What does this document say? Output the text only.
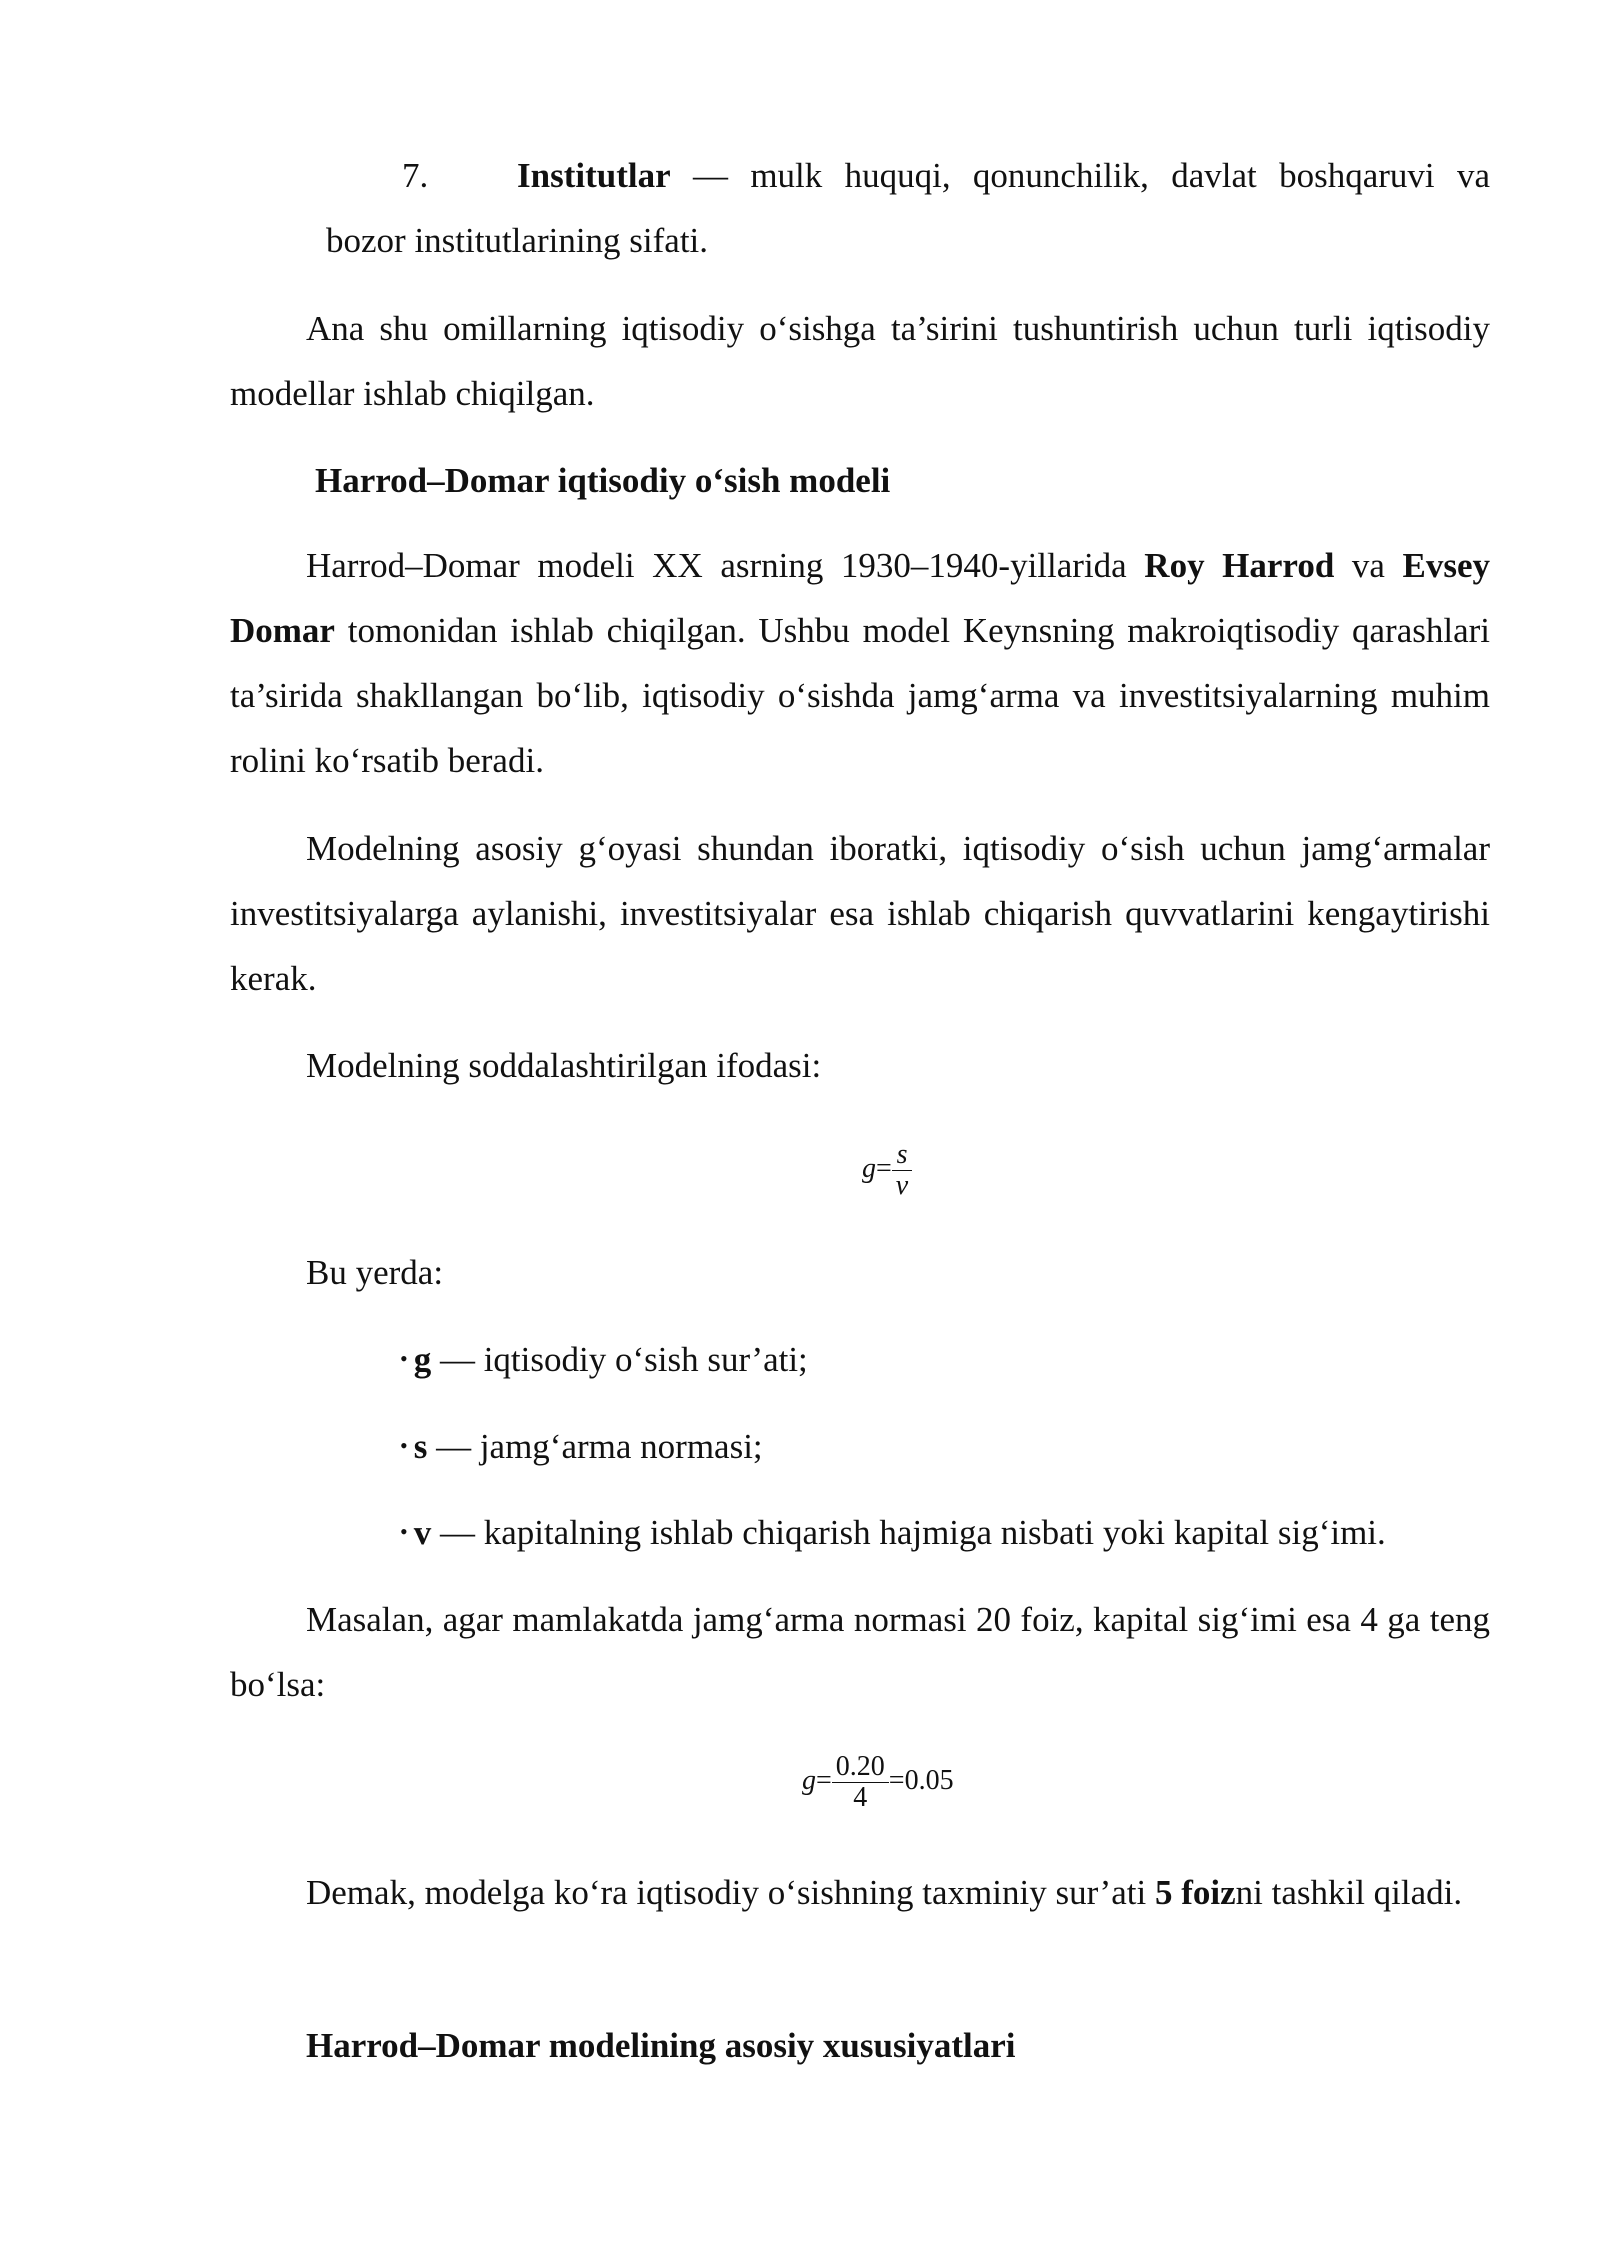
7.	Institutlar — mulk huquqi, qonunchilik, davlat boshqaruvi va
bozor institutlarining sifati.

Ana shu omillarning iqtisodiy o‘sishga ta’sirini tushuntirish uchun turli iqtisodiy modellar ishlab chiqilgan.

Harrod–Domar iqtisodiy o‘sish modeli

Harrod–Domar modeli XX asrning 1930–1940-yillarida Roy Harrod va Evsey Domar tomonidan ishlab chiqilgan. Ushbu model Keynsning makroiqtisodiy qarashlari ta’sirida shakllangan bo‘lib, iqtisodiy o‘sishda jamg‘arma va investitsiyalarning muhim rolini ko‘rsatib beradi.

Modelning asosiy g‘oyasi shundan iboratki, iqtisodiy o‘sish uchun jamg‘armalar investitsiyalarga aylanishi, investitsiyalar esa ishlab chiqarish quvvatlarini kengaytirishi kerak.

Modelning soddalashtirilgan ifodasi:

$g= \frac{s}{v}$

Bu yerda:

• g — iqtisodiy o‘sish sur’ati;
• s — jamg‘arma normasi;
• v — kapitalning ishlab chiqarish hajmiga nisbati yoki kapital sig‘imi.

Masalan, agar mamlakatda jamg‘arma normasi 20 foiz, kapital sig‘imi esa 4 ga teng bo‘lsa:

$g= \frac{0.20}{4} =0.05$

Demak, modelga ko‘ra iqtisodiy o‘sishning taxminiy sur’ati 5 foizni tashkil qiladi.

Harrod–Domar modelining asosiy xususiyatlari
